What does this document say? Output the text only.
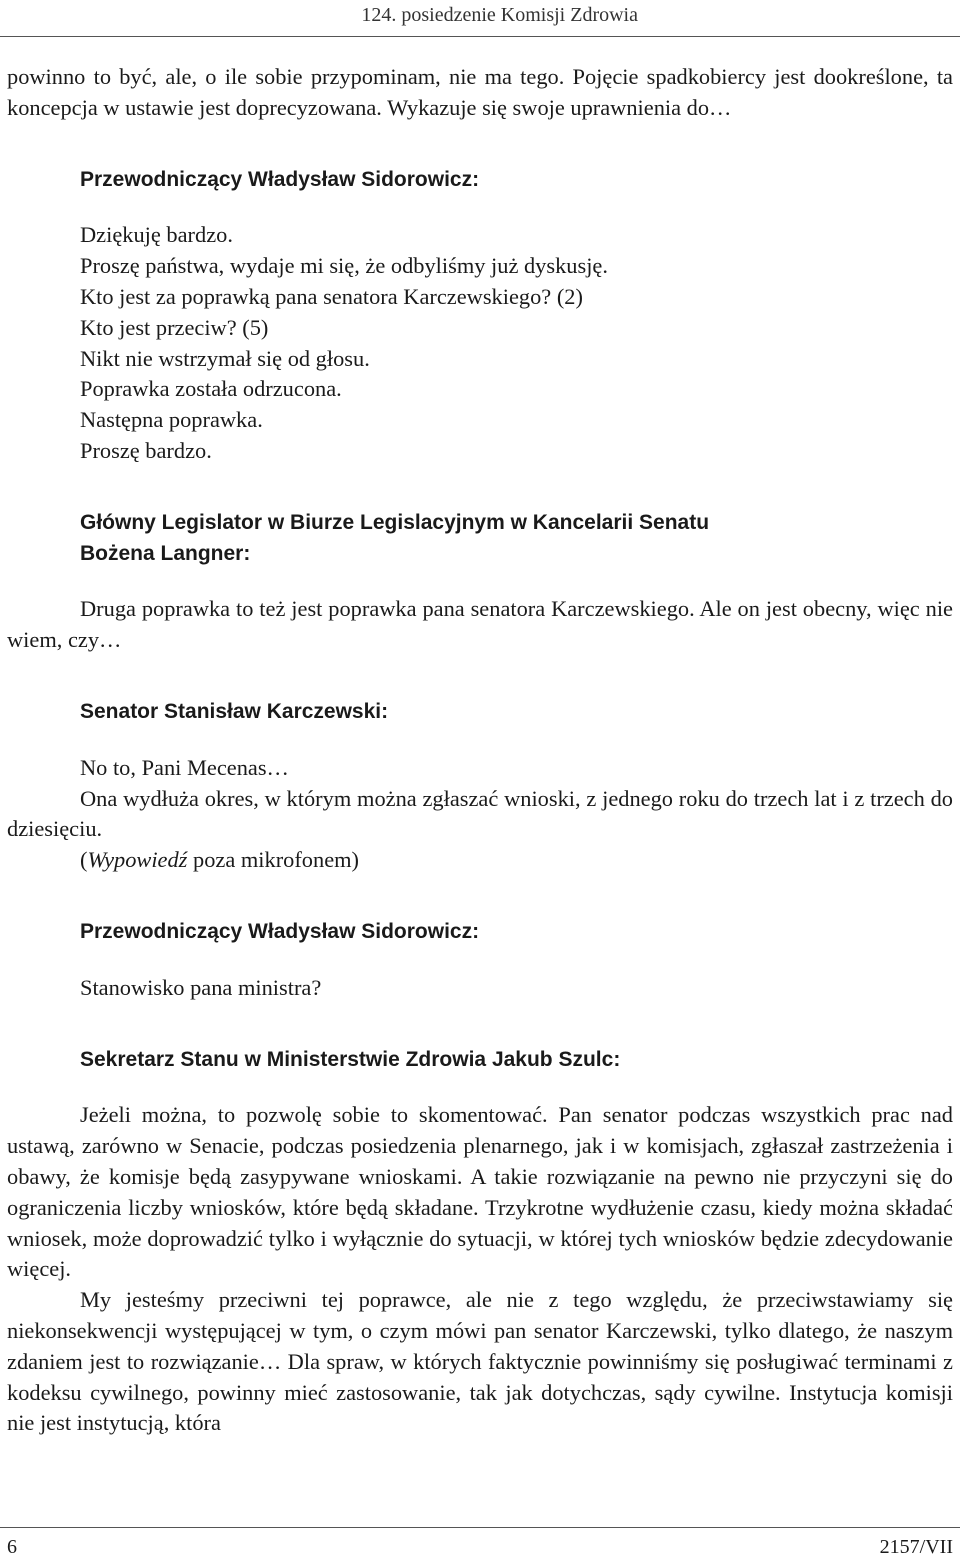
124. posiedzenie Komisji Zdrowia

powinno to być, ale, o ile sobie przypominam, nie ma tego. Pojęcie spadkobiercy jest dookreślone, ta koncepcja w ustawie jest doprecyzowana. Wykazuje się swoje uprawnienia do…

Przewodniczący Władysław Sidorowicz:

Dziękuję bardzo.

Proszę państwa, wydaje mi się, że odbyliśmy już dyskusję.

Kto jest za poprawką pana senatora Karczewskiego? (2)

Kto jest przeciw? (5)

Nikt nie wstrzymał się od głosu.

Poprawka została odrzucona.

Następna poprawka.

Proszę bardzo.

Główny Legislator w Biurze Legislacyjnym w Kancelarii Senatu

Bożena Langner:

Druga poprawka to też jest poprawka pana senatora Karczewskiego. Ale on jest obecny, więc nie wiem, czy…

Senator Stanisław Karczewski:

No to, Pani Mecenas…

Ona wydłuża okres, w którym można zgłaszać wnioski, z jednego roku do trzech lat i z trzech do dziesięciu.

(Wypowiedź poza mikrofonem)

Przewodniczący Władysław Sidorowicz:

Stanowisko pana ministra?

Sekretarz Stanu w Ministerstwie Zdrowia Jakub Szulc:

Jeżeli można, to pozwolę sobie to skomentować. Pan senator podczas wszystkich prac nad ustawą, zarówno w Senacie, podczas posiedzenia plenarnego, jak i w komisjach, zgłaszał zastrzeżenia i obawy, że komisje będą zasypywane wnioskami. A takie rozwiązanie na pewno nie przyczyni się do ograniczenia liczby wniosków, które będą składane. Trzykrotne wydłużenie czasu, kiedy można składać wniosek, może doprowadzić tylko i wyłącznie do sytuacji, w której tych wniosków będzie zdecydowanie więcej.

My jesteśmy przeciwni tej poprawce, ale nie z tego względu, że przeciwstawiamy się niekonsekwencji występującej w tym, o czym mówi pan senator Karczewski, tylko dlatego, że naszym zdaniem jest to rozwiązanie… Dla spraw, w których faktycznie powinniśmy się posługiwać terminami z kodeksu cywilnego, powinny mieć zastosowanie, tak jak dotychczas, sądy cywilne. Instytucja komisji nie jest instytucją, która

6	2157/VII
